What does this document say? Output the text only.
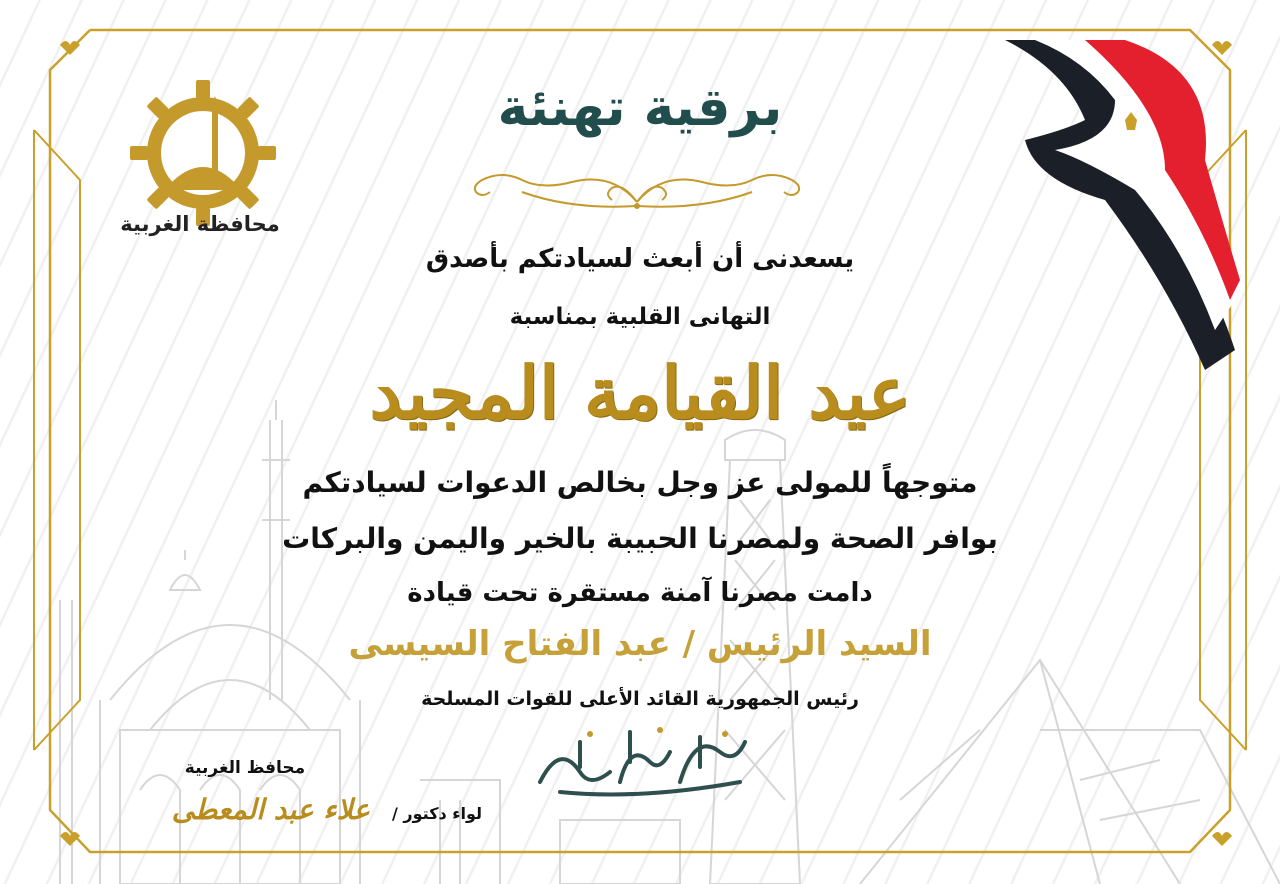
محافظة الغربية
برقية تهنئة
يسعدنى أن أبعث لسيادتكم بأصدق
التهانى القلبية بمناسبة
عيد القيامة المجيد
متوجهاً للمولى عز وجل بخالص الدعوات لسيادتكم
بوافر الصحة ولمصرنا الحبيبة بالخير واليمن والبركات
دامت مصرنا آمنة مستقرة تحت قيادة
السيد الرئيس / عبد الفتاح السيسى
رئيس الجمهورية القائد الأعلى للقوات المسلحة
محافظ الغربية
لواء دكتور /
علاء عبد المعطى
